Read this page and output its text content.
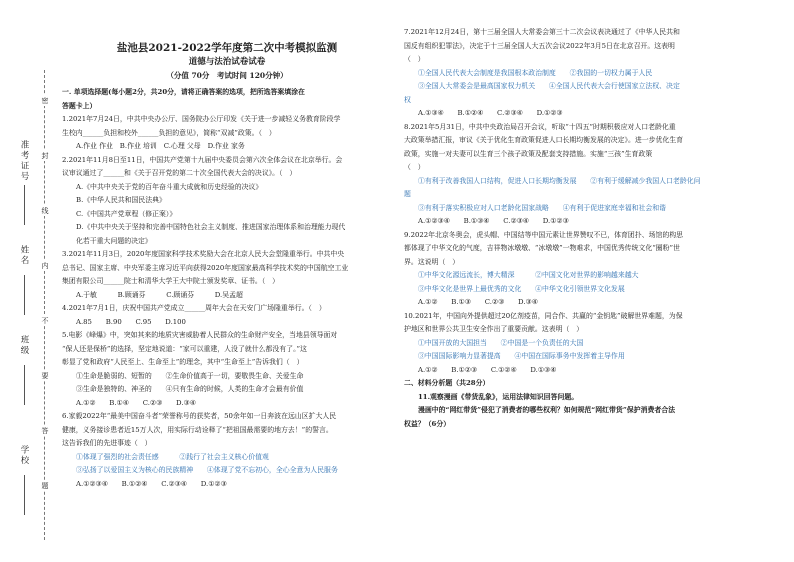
准考证号
姓名
班级
学校
密
封
线
内
不
要
答
题
盐池县2021-2022学年度第二次中考模拟监测
道德与法治试卷试卷
（分值 70分　考试时间 120分钟）
一. 单项选择题(每小题2分，共20分，请将正确答案的选项，把所选答案填涂在
答题卡上）
1.2021年7月24日，中共中央办公厅、国务院办公厅印发《关于进一步减轻义务教育阶段学
生校内______负担和校外______负担的意见》，简称“双减”政策。（　）
A.作业 作业　B.作业 培训　C.心理 父母　D.作业 家务
2.2021年11月8日至11日，中国共产党第十九届中央委员会第六次全体会议在北京举行。会
议审议通过了______和《关于召开党的第二十次全国代表大会的决议》。（　）
A.《中共中央关于党的百年奋斗重大成就和历史经验的决议》
B.《中华人民共和国民法典》
C.《中国共产党章程（修正案）》
D.《中共中央关于坚持和完善中国特色社会主义制度、推进国家治理体系和治理能力现代
化若干重大问题的决定》
3.2021年11月3日，2020年度国家科学技术奖励大会在北京人民大会堂隆重举行。中共中央
总书记、国家主席、中央军委主席习近平向获得2020年度国家最高科学技术奖的中国航空工业
集团有限公司______院士和清华大学王大中院士颁发奖章、证书。（　）
A.于敏　　　B.顾诵芬　　　C.顾诵芬　　　D.吴孟超
4.2021年7月1日，庆祝中国共产党成立______周年大会在天安门广场隆重举行。（　）
A.85　　B.90　　C.95　　D.100
5.电影《峰爆》中，突如其来的地质灾害威胁着人民群众的生命财产安全，当地县领导面对
“保人还是保桥”的选择，坚定地说道：“家可以重建，人没了就什么都没有了。”这
彰显了党和政府“人民至上、生命至上”的理念，其中“生命至上”告诉我们（　）
①生命是脆弱的、短暂的　　②生命价值高于一切，要敬畏生命、关爱生命
③生命是独特的、神圣的　　④只有生命的时候，人类的生命才会最有价值
A.①②　　B.①④　　C.②③　　D.③④
6.家毅2022年“最美中国奋斗者”荣誉称号的获奖者，50余年如一日奔波在远山区扩大人民
健康，义务接诊患者近15万人次，用实际行动诠释了“把祖国最需要的地方去！”的誓言。
这告诉我们的先进事迹（　）
①体现了强烈的社会责任感　　　②践行了社会主义核心价值观
③弘扬了以爱国主义为核心的民族精神　　④体现了党不忘初心，全心全意为人民服务
A.①②③④　　B.①②④　　C.②③④　　D.①②③
7.2021年12月24日，第十三届全国人大常委会第三十二次会议表决通过了《中华人民共和
国反有组织犯罪法》，决定于十三届全国人大五次会议2022年3月5日在北京召开。这表明
（　）
①全国人民代表大会制度是我国根本政治制度　　②我国的一切权力属于人民
③全国人大常委会是最高国家权力机关　　④全国人民代表大会行使国家立法权、决定
权
A.①③④　　B.①②④　　C.②③④　　D.①②③
8.2021年5月31日，中共中央政治局召开会议，听取“十四五”时期积极应对人口老龄化重
大政策举措汇报，审议《关于优化生育政策促进人口长期均衡发展的决定》。进一步优化生育
政策，实施一对夫妻可以生育三个孩子政策及配套支持措施。实施“三孩”生育政策
（　）
①有利于改善我国人口结构，促进人口长期均衡发展　　②有利于缓解减少我国人口老龄化问
题
③有利于落实积极应对人口老龄化国家战略　　④有利于促进家庭幸福和社会和谐
A.①②③④　　B.①③④　　C.②③④　　D.①②③
9.2022年北京冬奥会，虎头帽、中国结等中国元素让世界赞叹不已，体育团扑、场馆的构思
都体现了中华文化的气度，吉祥物冰墩墩、“冰墩墩”一物难求，中国优秀传统文化“圈粉”世
界。这说明（　）
①中华文化源远流长，博大精深　　　②中国文化对世界的影响越来越大
③中华文化是世界上最优秀的文化　　④中华文化引领世界文化发展
A.①②　　B.①③　　C.②③　　D.③④
10.2021年，中国向外提供超过20亿剂疫苗，同合作、共赢的“金钥匙”破解世界难题，为保
护地区和世界公共卫生安全作出了重要贡献。这表明（　）
①中国开放的大国担当　　②中国是一个负责任的大国
③中国国际影响力显著提高　　④中国在国际事务中发挥着主导作用
A.①②　　B.①②③　　C.①②④　　D.①③④
二、材料分析题（共28分）
11.观察漫画《带货乱象》，运用法律知识回答问题。
漫画中的“网红带货”侵犯了消费者的哪些权利？如何规范“网红带货”保护消费者合法
权益？（6分）
